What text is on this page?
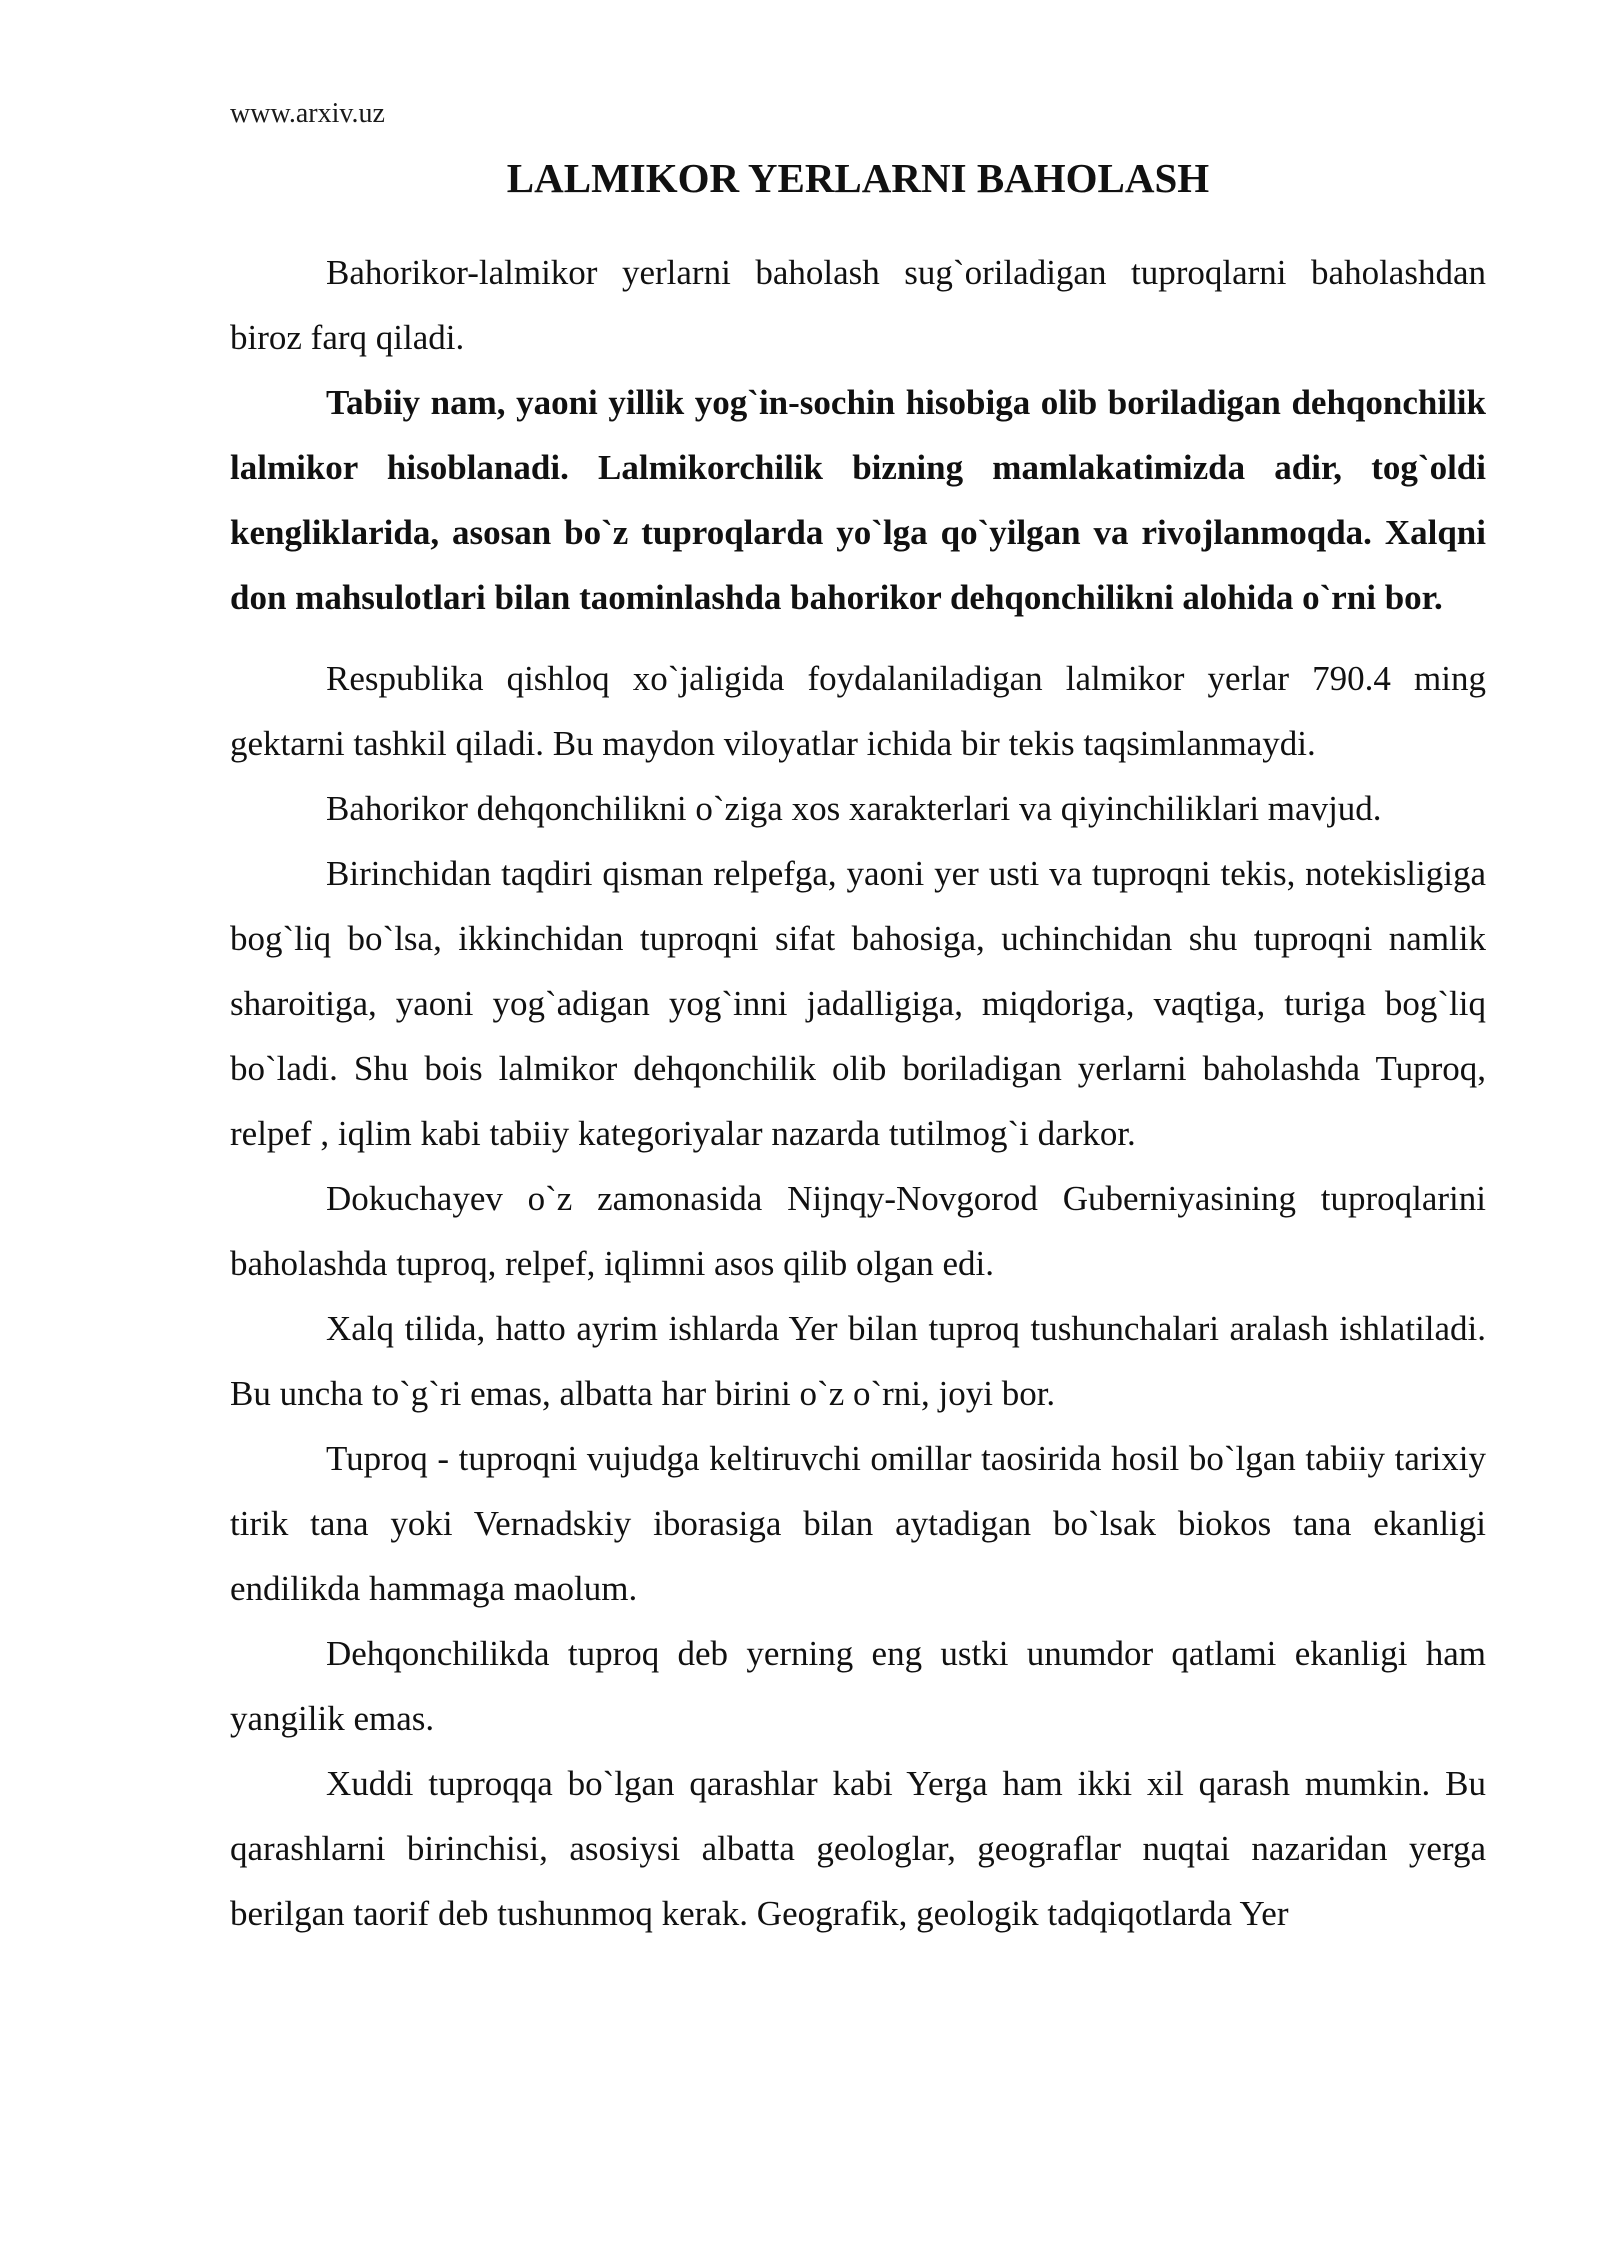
www.arxiv.uz
LALMIKOR YERLARNI BAHOLASH

Bahorikor-lalmikor yerlarni baholash sug`oriladigan tuproqlarni baholashdan biroz farq qiladi.

Tabiiy nam, yaoni yillik yog`in-sochin hisobiga olib boriladigan dehqonchilik lalmikor hisoblanadi. Lalmikorchilik bizning mamlakatimizda adir, tog`oldi kengliklarida, asosan bo`z tuproqlarda yo`lga qo`yilgan va rivojlanmoqda. Xalqni don mahsulotlari bilan taominlashda bahorikor dehqonchilikni alohida o`rni bor.

Respublika qishloq xo`jaligida foydalaniladigan lalmikor yerlar 790.4 ming gektarni tashkil qiladi. Bu maydon viloyatlar ichida bir tekis taqsimlanmaydi.

Bahorikor dehqonchilikni o`ziga xos xarakterlari va qiyinchiliklari mavjud.

Birinchidan taqdiri qisman relpefga, yaoni yer usti va tuproqni tekis, notekisligiga bog`liq bo`lsa, ikkinchidan tuproqni sifat bahosiga, uchinchidan shu tuproqni namlik sharoitiga, yaoni yog`adigan yog`inni jadalligiga, miqdoriga, vaqtiga, turiga bog`liq bo`ladi. Shu bois lalmikor dehqonchilik olib boriladigan yerlarni baholashda Tuproq, relpef , iqlim kabi tabiiy kategoriyalar nazarda tutilmog`i darkor.

Dokuchayev o`z zamonasida Nijnqy-Novgorod Guberniyasining tuproqlarini baholashda tuproq, relpef, iqlimni asos qilib olgan edi.

Xalq tilida, hatto ayrim ishlarda Yer bilan tuproq tushunchalari aralash ishlatiladi. Bu uncha to`g`ri emas, albatta har birini o`z o`rni, joyi bor.

Tuproq - tuproqni vujudga keltiruvchi omillar taosirida hosil bo`lgan tabiiy tarixiy tirik tana yoki Vernadskiy iborasiga bilan aytadigan bo`lsak biokos tana ekanligi endilikda hammaga maolum.

Dehqonchilikda tuproq deb yerning eng ustki unumdor qatlami ekanligi ham yangilik emas.

Xuddi tuproqqa bo`lgan qarashlar kabi Yerga ham ikki xil qarash mumkin. Bu qarashlarni birinchisi, asosiysi albatta geologlar, geograflar nuqtai nazaridan yerga berilgan taorif deb tushunmoq kerak. Geografik, geologik tadqiqotlarda Yer
